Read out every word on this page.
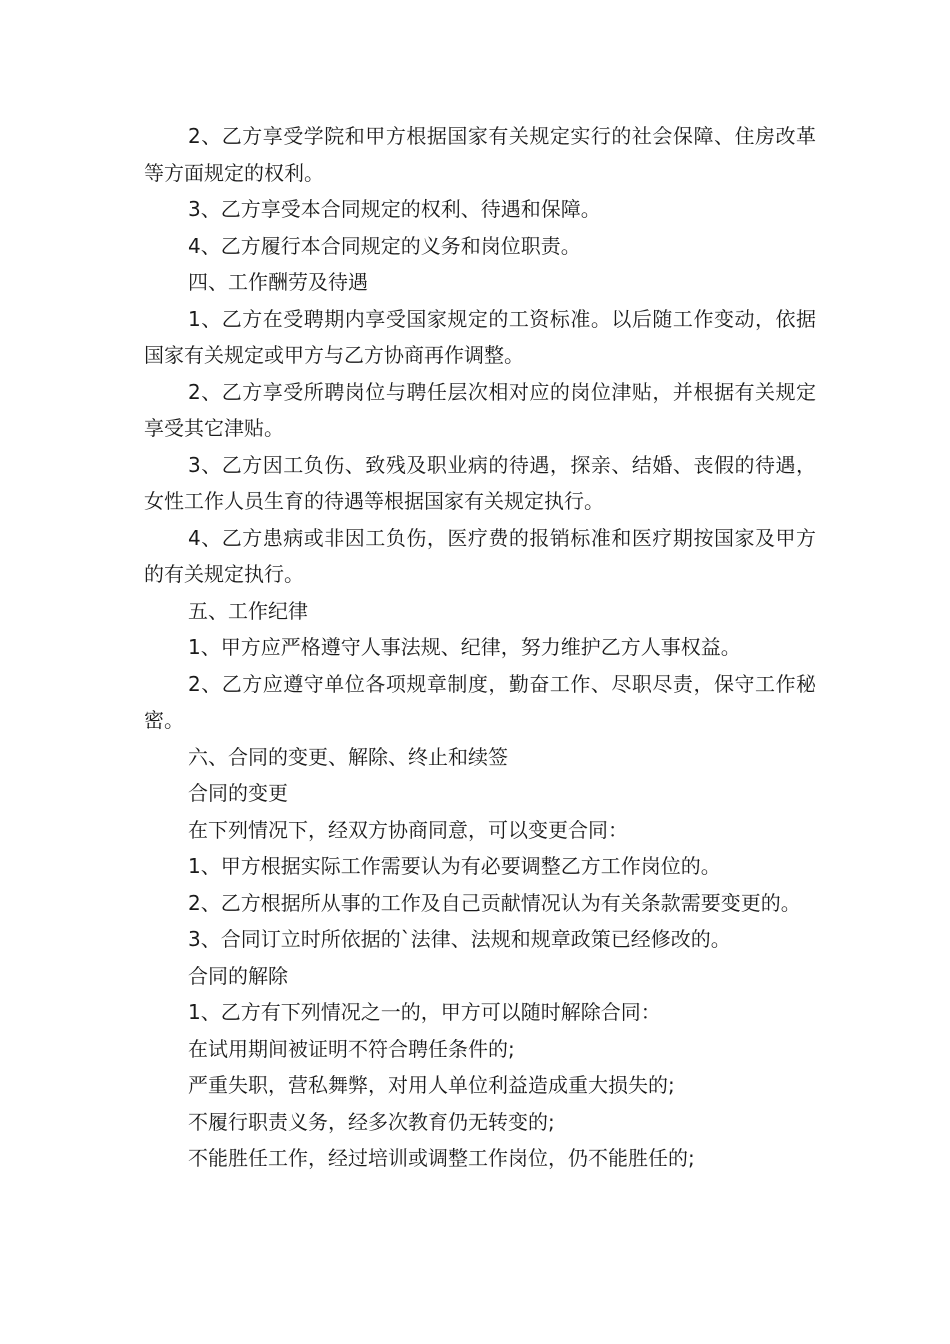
2、乙方享受学院和甲方根据国家有关规定实行的社会保障、住房改革等方面规定的权利。

3、乙方享受本合同规定的权利、待遇和保障。

4、乙方履行本合同规定的义务和岗位职责。

四、工作酬劳及待遇

1、乙方在受聘期内享受国家规定的工资标准。以后随工作变动，依据国家有关规定或甲方与乙方协商再作调整。

2、乙方享受所聘岗位与聘任层次相对应的岗位津贴，并根据有关规定享受其它津贴。

3、乙方因工负伤、致残及职业病的待遇，探亲、结婚、丧假的待遇，女性工作人员生育的待遇等根据国家有关规定执行。

4、乙方患病或非因工负伤，医疗费的报销标准和医疗期按国家及甲方的有关规定执行。

五、工作纪律

1、甲方应严格遵守人事法规、纪律，努力维护乙方人事权益。

2、乙方应遵守单位各项规章制度，勤奋工作、尽职尽责，保守工作秘密。

六、合同的变更、解除、终止和续签

合同的变更

在下列情况下，经双方协商同意，可以变更合同：

1、甲方根据实际工作需要认为有必要调整乙方工作岗位的。

2、乙方根据所从事的工作及自己贡献情况认为有关条款需要变更的。

3、合同订立时所依据的`法律、法规和规章政策已经修改的。

合同的解除

1、乙方有下列情况之一的，甲方可以随时解除合同：

在试用期间被证明不符合聘任条件的;

严重失职，营私舞弊，对用人单位利益造成重大损失的;

不履行职责义务，经多次教育仍无转变的;

不能胜任工作，经过培训或调整工作岗位，仍不能胜任的;
